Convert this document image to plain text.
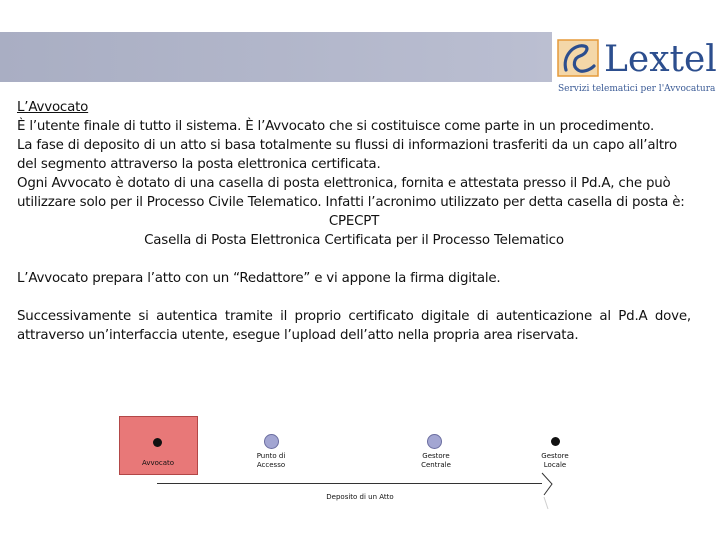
Lextel
Servizi telematici per l'Avvocatura

L’Avvocato

È l’utente finale di tutto il sistema. È l’Avvocato che si costituisce come parte in un procedimento.

La fase di deposito di un atto si basa totalmente su flussi di informazioni trasferiti da un capo all’altro del segmento attraverso la posta elettronica certificata.

Ogni Avvocato è dotato di una casella di posta elettronica, fornita e attestata presso il Pd.A, che può utilizzare solo per il Processo Civile Telematico. Infatti l’acronimo utilizzato per detta casella di posta è:

CPECPT

Casella di Posta Elettronica Certificata per il Processo Telematico

L’Avvocato prepara l’atto con un “Redattore” e vi appone la firma digitale.

Successivamente si autentica tramite il proprio certificato digitale di autenticazione al Pd.A dove, attraverso un’interfaccia utente, esegue l’upload dell’atto nella propria area riservata.

Avvocato
Punto di
Accesso
Gestore
Centrale
Gestore
Locale
Deposito di un Atto
